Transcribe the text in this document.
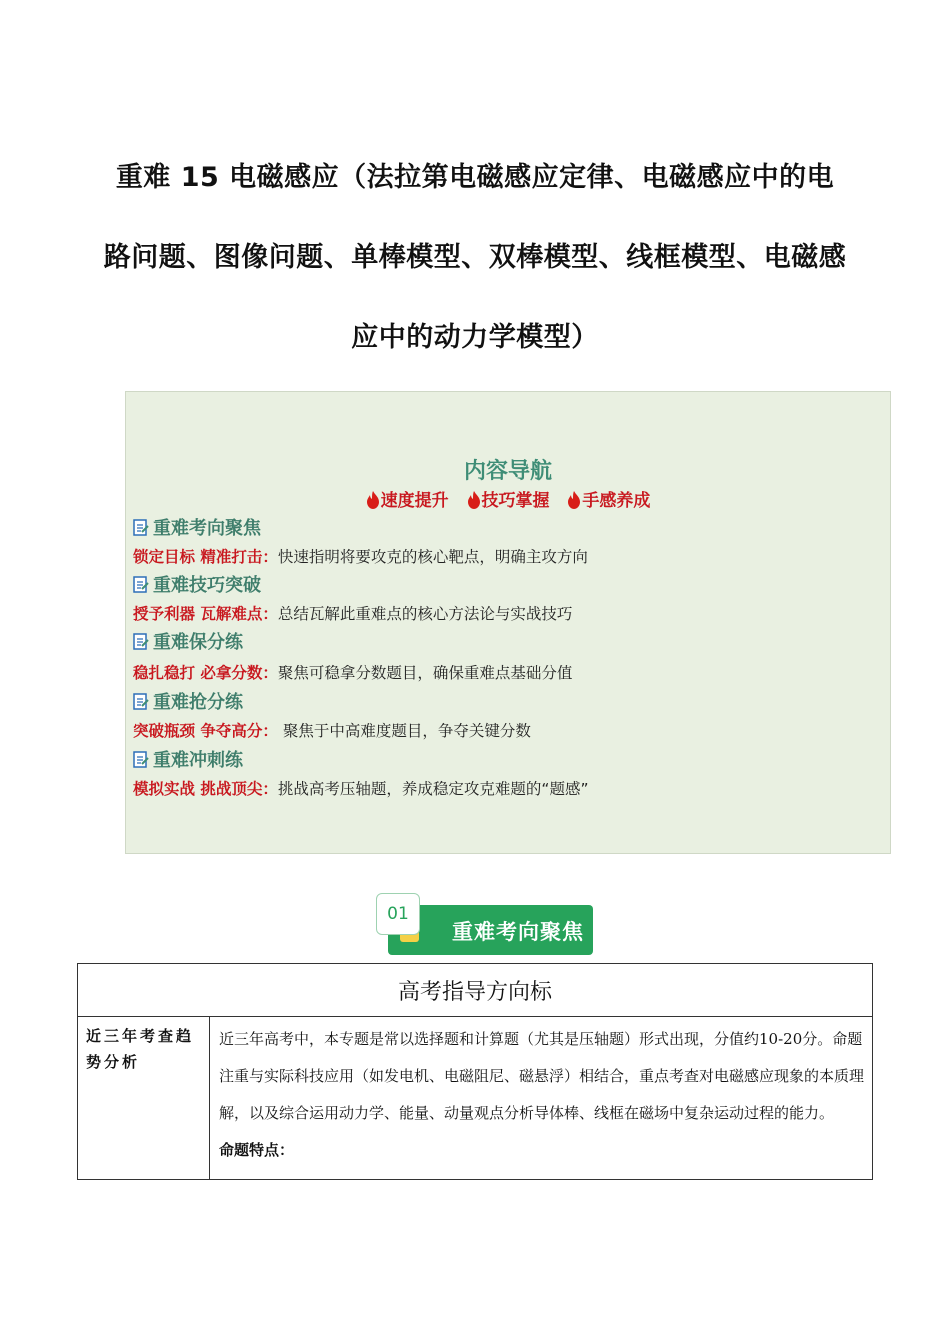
重难 15 电磁感应（法拉第电磁感应定律、电磁感应中的电
路问题、图像问题、单棒模型、双棒模型、线框模型、电磁感
应中的动力学模型）
内容导航
速度提升 技巧掌握 手感养成
重难考向聚焦
锁定目标 精准打击：快速指明将要攻克的核心靶点，明确主攻方向
重难技巧突破
授予利器 瓦解难点：总结瓦解此重难点的核心方法论与实战技巧
重难保分练
稳扎稳打 必拿分数：聚焦可稳拿分数题目，确保重难点基础分值
重难抢分练
突破瓶颈 争夺高分： 聚焦于中高难度题目，争夺关键分数
重难冲刺练
模拟实战 挑战顶尖：挑战高考压轴题，养成稳定攻克难题的“题感”
重难考向聚焦
01
高考指导方向标
近三年考查趋势分析	
近三年高考中，本专题是常以选择题和计算题（尤其是压轴题）形式出现，分值约10-20分。命题注重与实际科技应用（如发电机、电磁阻尼、磁悬浮）相结合，重点考查对电磁感应现象的本质理解，以及综合运用动力学、能量、动量观点分析导体棒、线框在磁场中复杂运动过程的能力。
命题特点：
